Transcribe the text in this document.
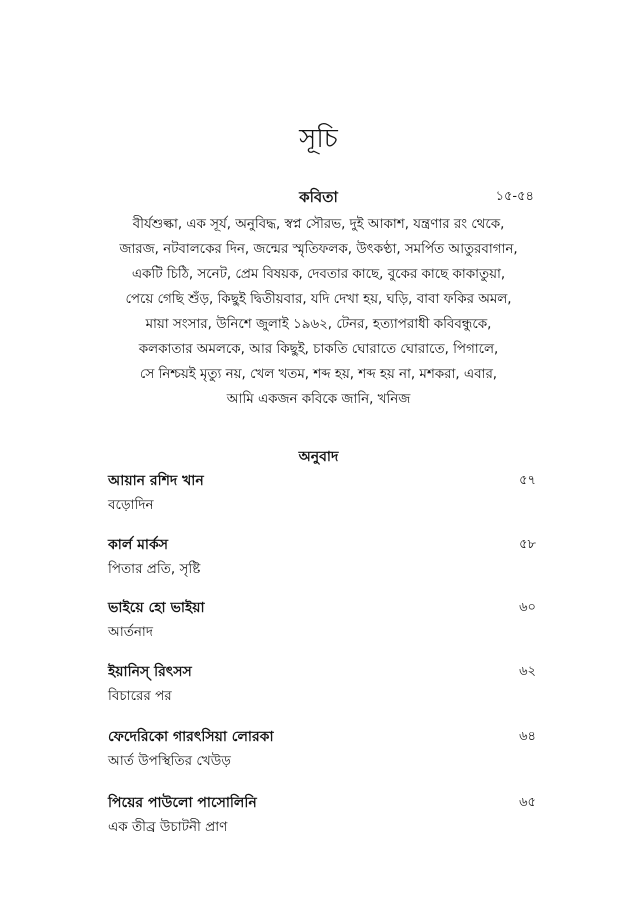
সূচি
কবিতা	১৫-৫৪
বীর্যশুল্কা, এক সূর্য, অনুবিদ্ধ, স্বপ্ন সৌরভ, দুই আকাশ, যন্ত্রণার রং থেকে,
জারজ, নটবালকের দিন, জন্মের স্মৃতিফলক, উৎকণ্ঠা, সমর্পিত আতুরবাগান,
একটি চিঠি, সনেট, প্রেম বিষয়ক, দেবতার কাছে, বুকের কাছে কাকাতুয়া,
পেয়ে গেছি শুঁড়, কিছুই দ্বিতীয়বার, যদি দেখা হয়, ঘড়ি, বাবা ফকির অমল,
মায়া সংসার, উনিশে জুলাই ১৯৬২, টেনর, হত্যাপরাধী কবিবন্ধুকে,
কলকাতার অমলকে, আর কিছুই, চাকতি ঘোরাতে ঘোরাতে, পিগালে,
সে নিশ্চয়ই মৃত্যু নয়, খেল খতম, শব্দ হয়, শব্দ হয় না, মশকরা, এবার,
আমি একজন কবিকে জানি, খনিজ
অনুবাদ
আয়ান রশিদ খান	৫৭
বড়োদিন
কার্ল মার্কস	৫৮
পিতার প্রতি, সৃষ্টি
ভাইয়ে হো ভাইয়া	৬০
আর্তনাদ
ইয়ানিস্ রিৎসস	৬২
বিচারের পর
ফেদেরিকো গারৎসিয়া লোরকা	৬৪
আর্ত উপস্থিতির খেউড়
পিয়ের পাউলো পাসোলিনি	৬৫
এক তীব্র উচাটনী প্রাণ
